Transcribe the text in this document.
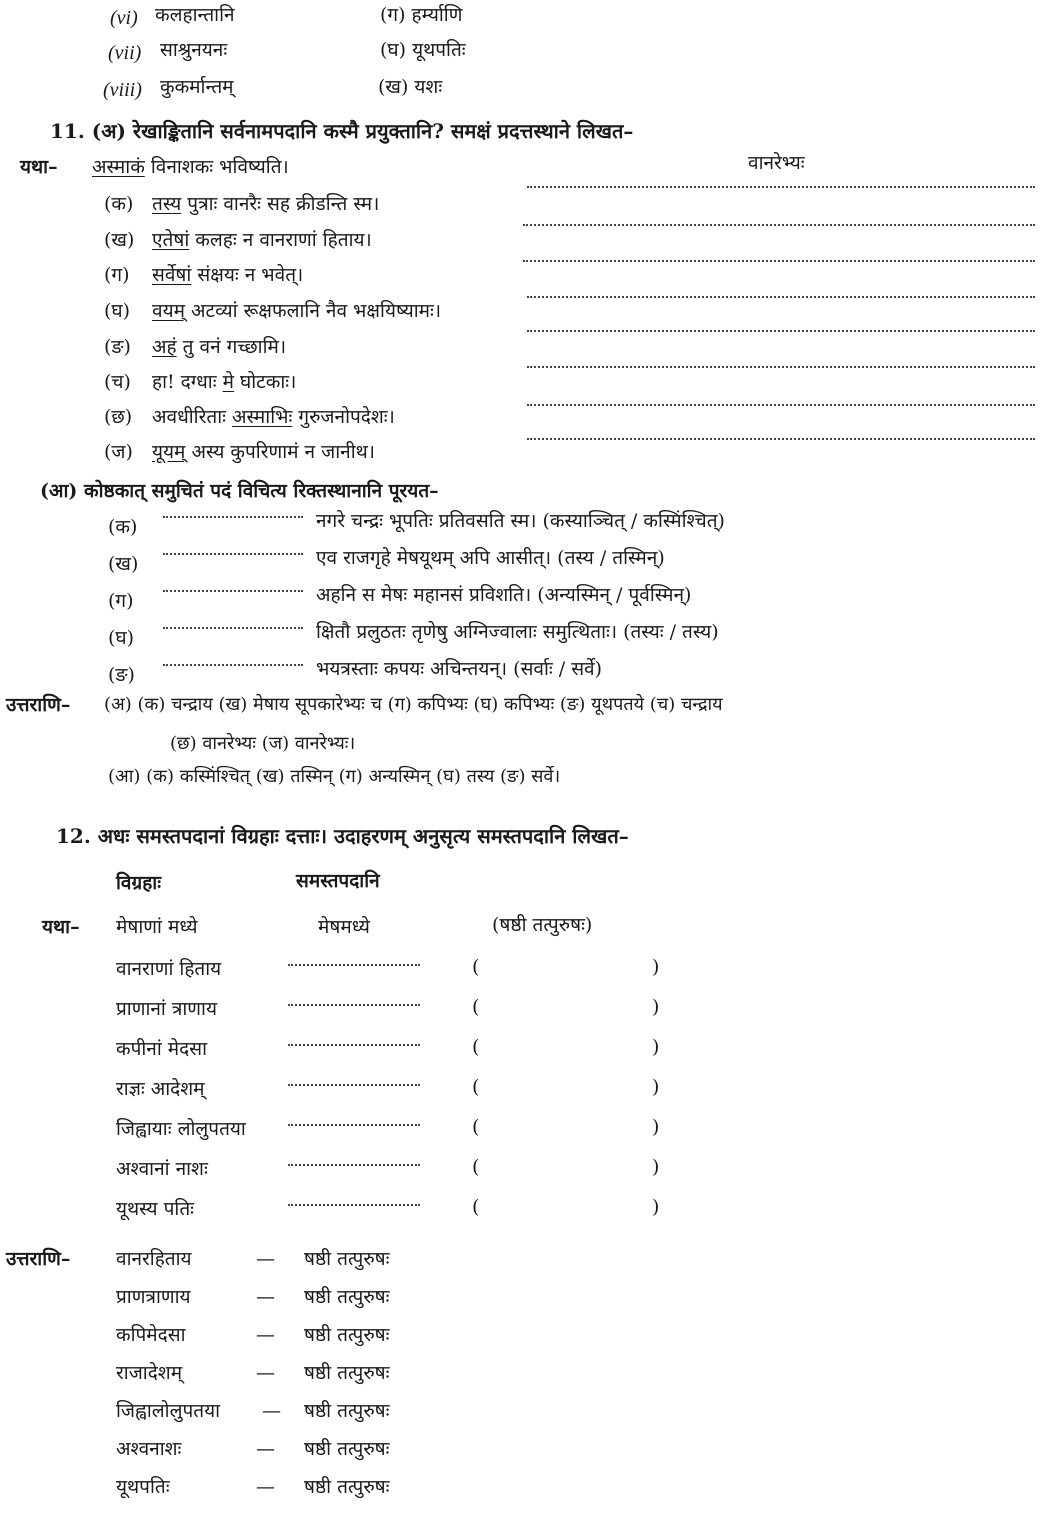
(vi) कलहान्तानि	(ग) हर्म्याणि
(vii) साश्रुनयनः	(घ) यूथपतिः
(viii) कुकर्मान्तम्	(ख) यशः
11. (अ) रेखाङ्कितानि सर्वनामपदानि कस्मै प्रयुक्तानि? समक्षं प्रदत्तस्थाने लिखत–
यथा– अस्माकं विनाशकः भविष्यति।	वानरेभ्यः
(क) तस्य पुत्राः वानरैः सह क्रीडन्ति स्म।
(ख) एतेषां कलहः न वानराणां हिताय।
(ग) सर्वेषां संक्षयः न भवेत्।
(घ) वयम् अटव्यां रूक्षफलानि नैव भक्षयिष्यामः।
(ङ) अहं तु वनं गच्छामि।
(च) हा! दग्धाः मे घोटकाः।
(छ) अवधीरिताः अस्माभिः गुरुजनोपदेशः।
(ज) यूयम् अस्य कुपरिणामं न जानीथ।
(आ) कोष्ठकात् समुचितं पदं विचित्य रिक्तस्थानानि पूरयत–
(क)	नगरे चन्द्रः भूपतिः प्रतिवसति स्म। (कस्याञ्चित् / कस्मिंश्चित्)
(ख)	एव राजगृहे मेषयूथम् अपि आसीत्। (तस्य / तस्मिन्)
(ग)	अहनि स मेषः महानसं प्रविशति। (अन्यस्मिन् / पूर्वस्मिन्)
(घ)	क्षितौ प्रलुठतः तृणेषु अग्निज्वालाः समुत्थिताः। (तस्यः / तस्य)
(ङ)	भयत्रस्ताः कपयः अचिन्तयन्। (सर्वाः / सर्वे)
उत्तराणि– (अ) (क) चन्द्राय (ख) मेषाय सूपकारेभ्यः च (ग) कपिभ्यः (घ) कपिभ्यः (ङ) यूथपतये (च) चन्द्राय
(छ) वानरेभ्यः (ज) वानरेभ्यः।
(आ) (क) कस्मिंश्चित् (ख) तस्मिन् (ग) अन्यस्मिन् (घ) तस्य (ङ) सर्वे।
12. अधः समस्तपदानां विग्रहाः दत्ताः। उदाहरणम् अनुसृत्य समस्तपदानि लिखत–
विग्रहाः	समस्तपदानि
यथा– मेषाणां मध्ये	मेषमध्ये	(षष्ठी तत्पुरुषः)
वानराणां हिताय	(	)
प्राणानां त्राणाय	(	)
कपीनां मेदसा	(	)
राज्ञः आदेशम्	(	)
जिह्वायाः लोलुपतया	(	)
अश्वानां नाशः	(	)
यूथस्य पतिः	(	)
उत्तराणि– वानरहिताय	— षष्ठी तत्पुरुषः
प्राणत्राणाय	— षष्ठी तत्पुरुषः
कपिमेदसा	— षष्ठी तत्पुरुषः
राजादेशम्	— षष्ठी तत्पुरुषः
जिह्वालोलुपतया — षष्ठी तत्पुरुषः
अश्वनाशः	— षष्ठी तत्पुरुषः
यूथपतिः	— षष्ठी तत्पुरुषः
